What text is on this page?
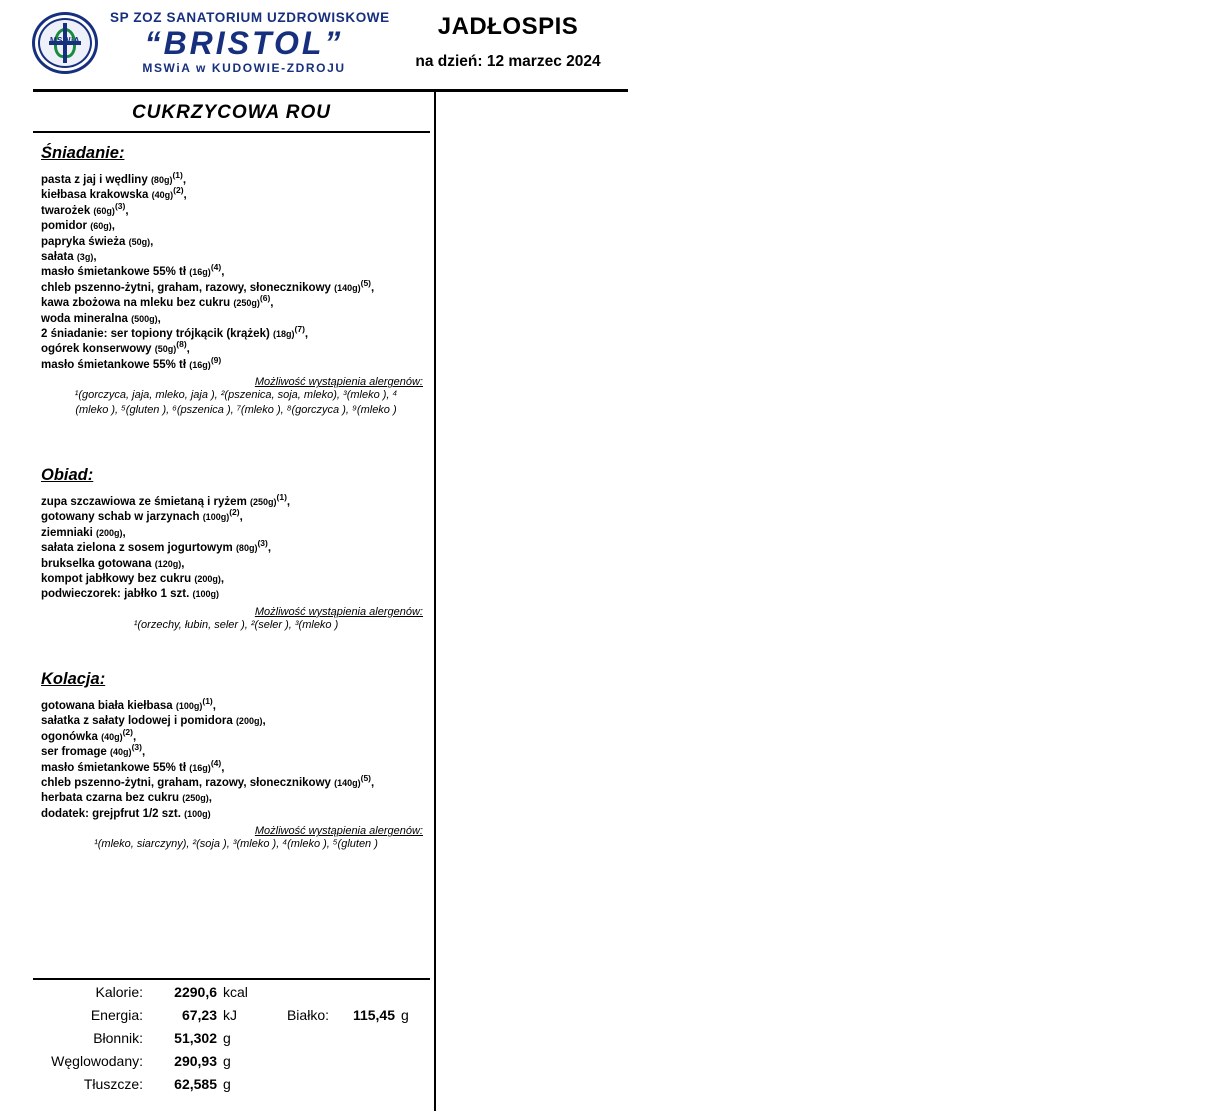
MSWiA
SP ZOZ SANATORIUM UZDROWISKOWE
“BRISTOL”
MSWiA w KUDOWIE-ZDROJU
JADŁOSPIS
na dzień: 12 marzec 2024
CUKRZYCOWA ROU
Śniadanie:
pasta z jaj i wędliny $(80g)^{(1)}$,
kiełbasa krakowska $(40g)^{(2)}$,
twarożek $(60g)^{(3)}$,
pomidor (60g),
papryka świeża (50g),
sałata (3g),
masło śmietankowe 55% tł $(16g)^{(4)}$,
chleb pszenno-żytni, graham, razowy, słonecznikowy $(140g)^{(5)}$,
kawa zbożowa na mleku bez cukru $(250g)^{(6)}$,
woda mineralna (500g),
2 śniadanie: ser topiony trójkącik (krążek) $(18g)^{(7)}$,
ogórek konserwowy $(50g)^{(8)}$,
masło śmietankowe 55% tł $(16g)^{(9)}$
Możliwość wystąpienia alergenów:
¹(gorczyca, jaja, mleko, jaja ), ²(pszenica, soja, mleko), ³(mleko ), ⁴
(mleko ), ⁵(gluten ), ⁶(pszenica ), ⁷(mleko ), ⁸(gorczyca ), ⁹(mleko )
Obiad:
zupa szczawiowa ze śmietaną i ryżem $(250g)^{(1)}$,
gotowany schab w jarzynach $(100g)^{(2)}$,
ziemniaki (200g),
sałata zielona z sosem jogurtowym $(80g)^{(3)}$,
brukselka gotowana (120g),
kompot jabłkowy bez cukru (200g),
podwieczorek: jabłko 1 szt. (100g)
Możliwość wystąpienia alergenów:
¹(orzechy, łubin, seler ), ²(seler ), ³(mleko )
Kolacja:
gotowana biała kiełbasa $(100g)^{(1)}$,
sałatka z sałaty lodowej i pomidora (200g),
ogonówka $(40g)^{(2)}$,
ser fromage $(40g)^{(3)}$,
masło śmietankowe 55% tł $(16g)^{(4)}$,
chleb pszenno-żytni, graham, razowy, słonecznikowy $(140g)^{(5)}$,
herbata czarna bez cukru (250g),
dodatek: grejpfrut 1/2 szt. (100g)
Możliwość wystąpienia alergenów:
¹(mleko, siarczyny), ²(soja ), ³(mleko ), ⁴(mleko ), ⁵(gluten )
Kalorie:	2290,6 kcal
Energia:	67,23 kJ	Białko:	115,45 g
Błonnik:	51,302 g
Węglowodany:	290,93 g
Tłuszcze:	62,585 g
